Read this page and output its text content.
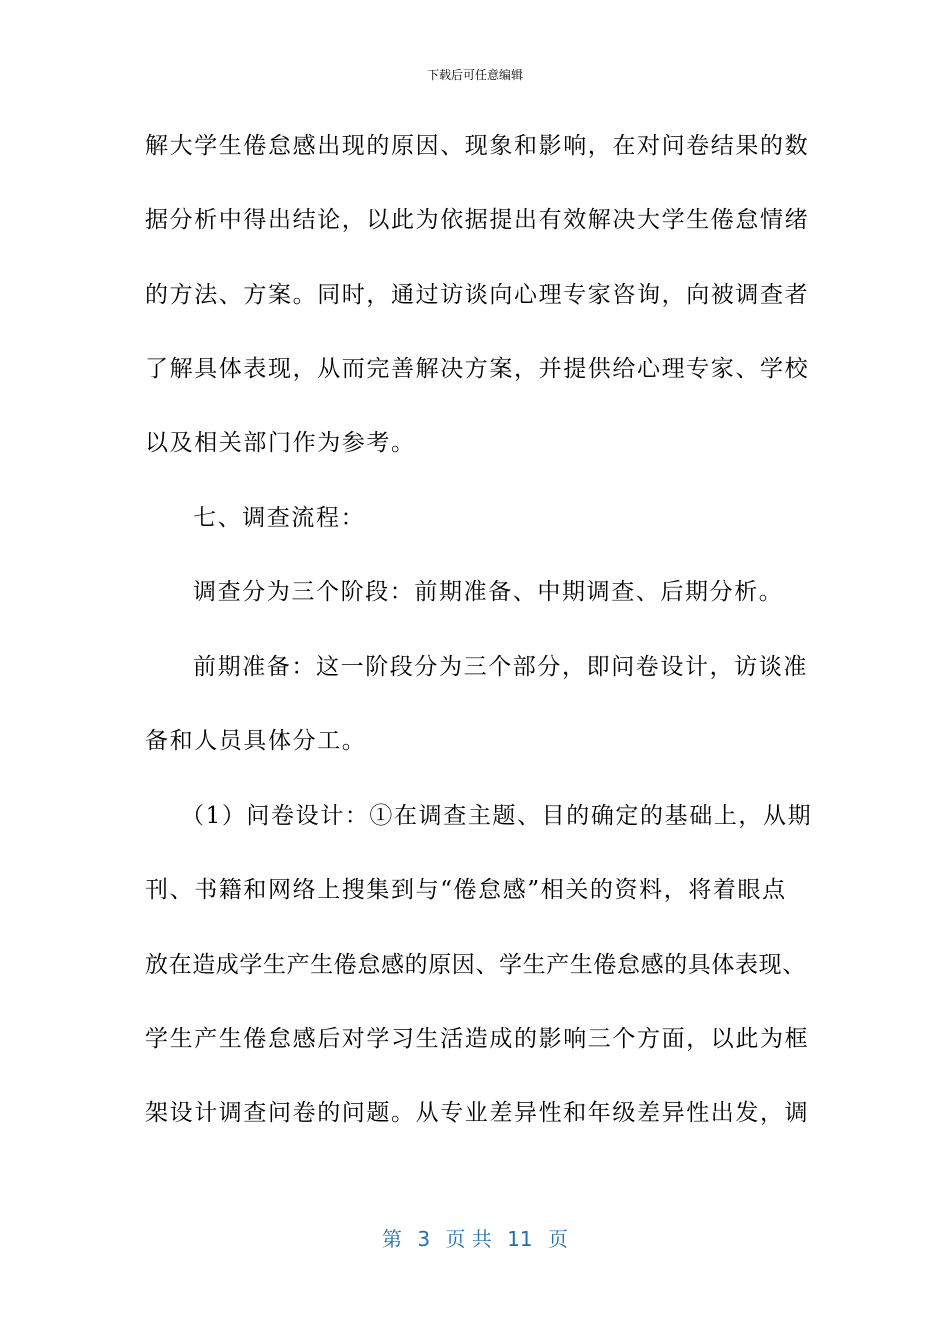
下载后可任意编辑
解大学生倦怠感出现的原因、现象和影响，在对问卷结果的数
据分析中得出结论，以此为依据提出有效解决大学生倦怠情绪
的方法、方案。同时，通过访谈向心理专家咨询，向被调查者
了解具体表现，从而完善解决方案，并提供给心理专家、学校
以及相关部门作为参考。
七、调查流程：
调查分为三个阶段：前期准备、中期调查、后期分析。
前期准备：这一阶段分为三个部分，即问卷设计，访谈准
备和人员具体分工。
（1）问卷设计：①在调查主题、目的确定的基础上，从期
刊、书籍和网络上搜集到与“倦怠感”相关的资料，将着眼点
放在造成学生产生倦怠感的原因、学生产生倦怠感的具体表现、
学生产生倦怠感后对学习生活造成的影响三个方面，以此为框
架设计调查问卷的问题。从专业差异性和年级差异性出发，调
第 3 页 共 11 页
